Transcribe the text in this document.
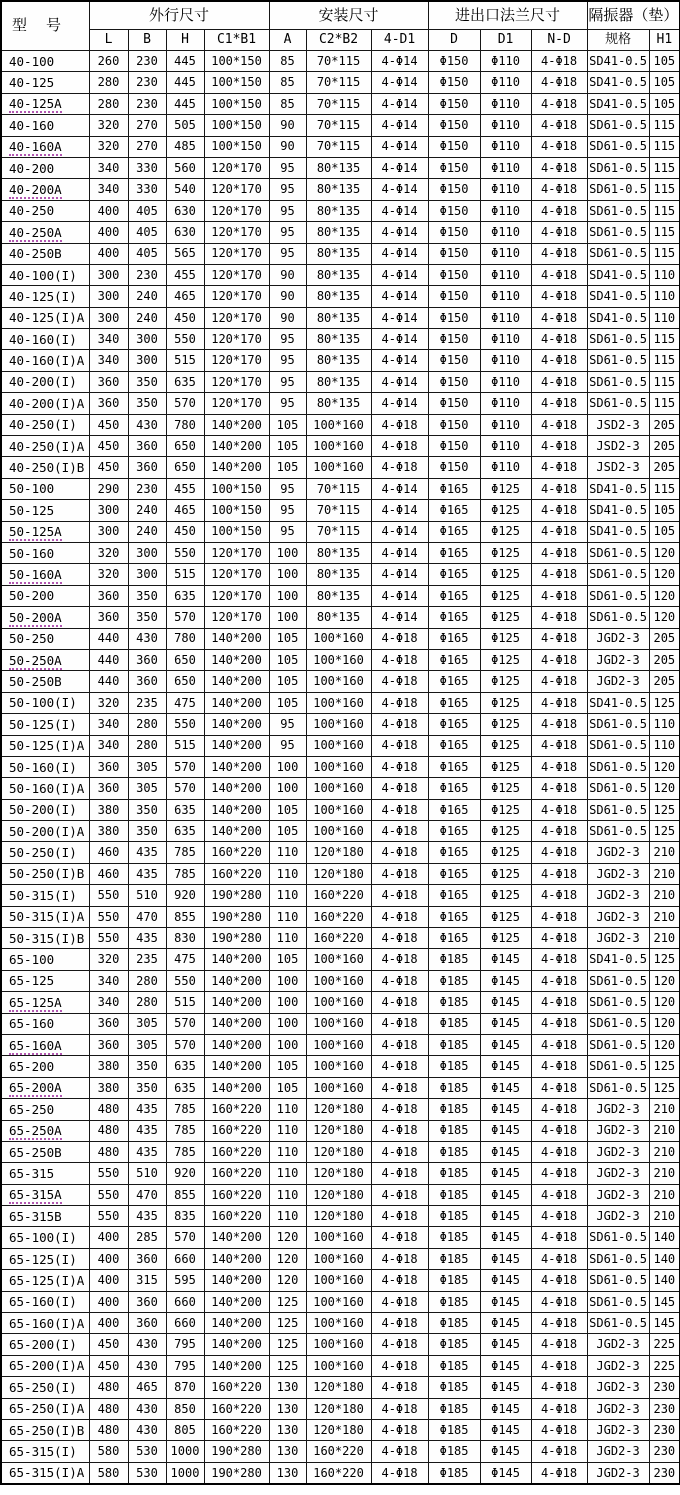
型　号	外行尺寸				安装尺寸			进出口法兰尺寸			隔振器（垫）	
	L	B	H	C1*B1	A	C2*B2	4-D1	D	D1	N-D	规格	H1
40-100	260	230	445	100*150	85	70*115	4-Φ14	Φ150	Φ110	4-Φ18	SD41-0.5	105
40-125	280	230	445	100*150	85	70*115	4-Φ14	Φ150	Φ110	4-Φ18	SD41-0.5	105
40-125A	280	230	445	100*150	85	70*115	4-Φ14	Φ150	Φ110	4-Φ18	SD41-0.5	105
40-160	320	270	505	100*150	90	70*115	4-Φ14	Φ150	Φ110	4-Φ18	SD61-0.5	115
40-160A	320	270	485	100*150	90	70*115	4-Φ14	Φ150	Φ110	4-Φ18	SD61-0.5	115
40-200	340	330	560	120*170	95	80*135	4-Φ14	Φ150	Φ110	4-Φ18	SD61-0.5	115
40-200A	340	330	540	120*170	95	80*135	4-Φ14	Φ150	Φ110	4-Φ18	SD61-0.5	115
40-250	400	405	630	120*170	95	80*135	4-Φ14	Φ150	Φ110	4-Φ18	SD61-0.5	115
40-250A	400	405	630	120*170	95	80*135	4-Φ14	Φ150	Φ110	4-Φ18	SD61-0.5	115
40-250B	400	405	565	120*170	95	80*135	4-Φ14	Φ150	Φ110	4-Φ18	SD61-0.5	115
40-100(I)	300	230	455	120*170	90	80*135	4-Φ14	Φ150	Φ110	4-Φ18	SD41-0.5	110
40-125(I)	300	240	465	120*170	90	80*135	4-Φ14	Φ150	Φ110	4-Φ18	SD41-0.5	110
40-125(I)A	300	240	450	120*170	90	80*135	4-Φ14	Φ150	Φ110	4-Φ18	SD41-0.5	110
40-160(I)	340	300	550	120*170	95	80*135	4-Φ14	Φ150	Φ110	4-Φ18	SD61-0.5	115
40-160(I)A	340	300	515	120*170	95	80*135	4-Φ14	Φ150	Φ110	4-Φ18	SD61-0.5	115
40-200(I)	360	350	635	120*170	95	80*135	4-Φ14	Φ150	Φ110	4-Φ18	SD61-0.5	115
40-200(I)A	360	350	570	120*170	95	80*135	4-Φ14	Φ150	Φ110	4-Φ18	SD61-0.5	115
40-250(I)	450	430	780	140*200	105	100*160	4-Φ18	Φ150	Φ110	4-Φ18	JSD2-3	205
40-250(I)A	450	360	650	140*200	105	100*160	4-Φ18	Φ150	Φ110	4-Φ18	JSD2-3	205
40-250(I)B	450	360	650	140*200	105	100*160	4-Φ18	Φ150	Φ110	4-Φ18	JSD2-3	205
50-100	290	230	455	100*150	95	70*115	4-Φ14	Φ165	Φ125	4-Φ18	SD41-0.5	115
50-125	300	240	465	100*150	95	70*115	4-Φ14	Φ165	Φ125	4-Φ18	SD41-0.5	105
50-125A	300	240	450	100*150	95	70*115	4-Φ14	Φ165	Φ125	4-Φ18	SD41-0.5	105
50-160	320	300	550	120*170	100	80*135	4-Φ14	Φ165	Φ125	4-Φ18	SD61-0.5	120
50-160A	320	300	515	120*170	100	80*135	4-Φ14	Φ165	Φ125	4-Φ18	SD61-0.5	120
50-200	360	350	635	120*170	100	80*135	4-Φ14	Φ165	Φ125	4-Φ18	SD61-0.5	120
50-200A	360	350	570	120*170	100	80*135	4-Φ14	Φ165	Φ125	4-Φ18	SD61-0.5	120
50-250	440	430	780	140*200	105	100*160	4-Φ18	Φ165	Φ125	4-Φ18	JGD2-3	205
50-250A	440	360	650	140*200	105	100*160	4-Φ18	Φ165	Φ125	4-Φ18	JGD2-3	205
50-250B	440	360	650	140*200	105	100*160	4-Φ18	Φ165	Φ125	4-Φ18	JGD2-3	205
50-100(I)	320	235	475	140*200	105	100*160	4-Φ18	Φ165	Φ125	4-Φ18	SD41-0.5	125
50-125(I)	340	280	550	140*200	95	100*160	4-Φ18	Φ165	Φ125	4-Φ18	SD61-0.5	110
50-125(I)A	340	280	515	140*200	95	100*160	4-Φ18	Φ165	Φ125	4-Φ18	SD61-0.5	110
50-160(I)	360	305	570	140*200	100	100*160	4-Φ18	Φ165	Φ125	4-Φ18	SD61-0.5	120
50-160(I)A	360	305	570	140*200	100	100*160	4-Φ18	Φ165	Φ125	4-Φ18	SD61-0.5	120
50-200(I)	380	350	635	140*200	105	100*160	4-Φ18	Φ165	Φ125	4-Φ18	SD61-0.5	125
50-200(I)A	380	350	635	140*200	105	100*160	4-Φ18	Φ165	Φ125	4-Φ18	SD61-0.5	125
50-250(I)	460	435	785	160*220	110	120*180	4-Φ18	Φ165	Φ125	4-Φ18	JGD2-3	210
50-250(I)B	460	435	785	160*220	110	120*180	4-Φ18	Φ165	Φ125	4-Φ18	JGD2-3	210
50-315(I)	550	510	920	190*280	110	160*220	4-Φ18	Φ165	Φ125	4-Φ18	JGD2-3	210
50-315(I)A	550	470	855	190*280	110	160*220	4-Φ18	Φ165	Φ125	4-Φ18	JGD2-3	210
50-315(I)B	550	435	830	190*280	110	160*220	4-Φ18	Φ165	Φ125	4-Φ18	JGD2-3	210
65-100	320	235	475	140*200	105	100*160	4-Φ18	Φ185	Φ145	4-Φ18	SD41-0.5	125
65-125	340	280	550	140*200	100	100*160	4-Φ18	Φ185	Φ145	4-Φ18	SD61-0.5	120
65-125A	340	280	515	140*200	100	100*160	4-Φ18	Φ185	Φ145	4-Φ18	SD61-0.5	120
65-160	360	305	570	140*200	100	100*160	4-Φ18	Φ185	Φ145	4-Φ18	SD61-0.5	120
65-160A	360	305	570	140*200	100	100*160	4-Φ18	Φ185	Φ145	4-Φ18	SD61-0.5	120
65-200	380	350	635	140*200	105	100*160	4-Φ18	Φ185	Φ145	4-Φ18	SD61-0.5	125
65-200A	380	350	635	140*200	105	100*160	4-Φ18	Φ185	Φ145	4-Φ18	SD61-0.5	125
65-250	480	435	785	160*220	110	120*180	4-Φ18	Φ185	Φ145	4-Φ18	JGD2-3	210
65-250A	480	435	785	160*220	110	120*180	4-Φ18	Φ185	Φ145	4-Φ18	JGD2-3	210
65-250B	480	435	785	160*220	110	120*180	4-Φ18	Φ185	Φ145	4-Φ18	JGD2-3	210
65-315	550	510	920	160*220	110	120*180	4-Φ18	Φ185	Φ145	4-Φ18	JGD2-3	210
65-315A	550	470	855	160*220	110	120*180	4-Φ18	Φ185	Φ145	4-Φ18	JGD2-3	210
65-315B	550	435	835	160*220	110	120*180	4-Φ18	Φ185	Φ145	4-Φ18	JGD2-3	210
65-100(I)	400	285	570	140*200	120	100*160	4-Φ18	Φ185	Φ145	4-Φ18	SD61-0.5	140
65-125(I)	400	360	660	140*200	120	100*160	4-Φ18	Φ185	Φ145	4-Φ18	SD61-0.5	140
65-125(I)A	400	315	595	140*200	120	100*160	4-Φ18	Φ185	Φ145	4-Φ18	SD61-0.5	140
65-160(I)	400	360	660	140*200	125	100*160	4-Φ18	Φ185	Φ145	4-Φ18	SD61-0.5	145
65-160(I)A	400	360	660	140*200	125	100*160	4-Φ18	Φ185	Φ145	4-Φ18	SD61-0.5	145
65-200(I)	450	430	795	140*200	125	100*160	4-Φ18	Φ185	Φ145	4-Φ18	JGD2-3	225
65-200(I)A	450	430	795	140*200	125	100*160	4-Φ18	Φ185	Φ145	4-Φ18	JGD2-3	225
65-250(I)	480	465	870	160*220	130	120*180	4-Φ18	Φ185	Φ145	4-Φ18	JGD2-3	230
65-250(I)A	480	430	850	160*220	130	120*180	4-Φ18	Φ185	Φ145	4-Φ18	JGD2-3	230
65-250(I)B	480	430	805	160*220	130	120*180	4-Φ18	Φ185	Φ145	4-Φ18	JGD2-3	230
65-315(I)	580	530	1000	190*280	130	160*220	4-Φ18	Φ185	Φ145	4-Φ18	JGD2-3	230
65-315(I)A	580	530	1000	190*280	130	160*220	4-Φ18	Φ185	Φ145	4-Φ18	JGD2-3	230
